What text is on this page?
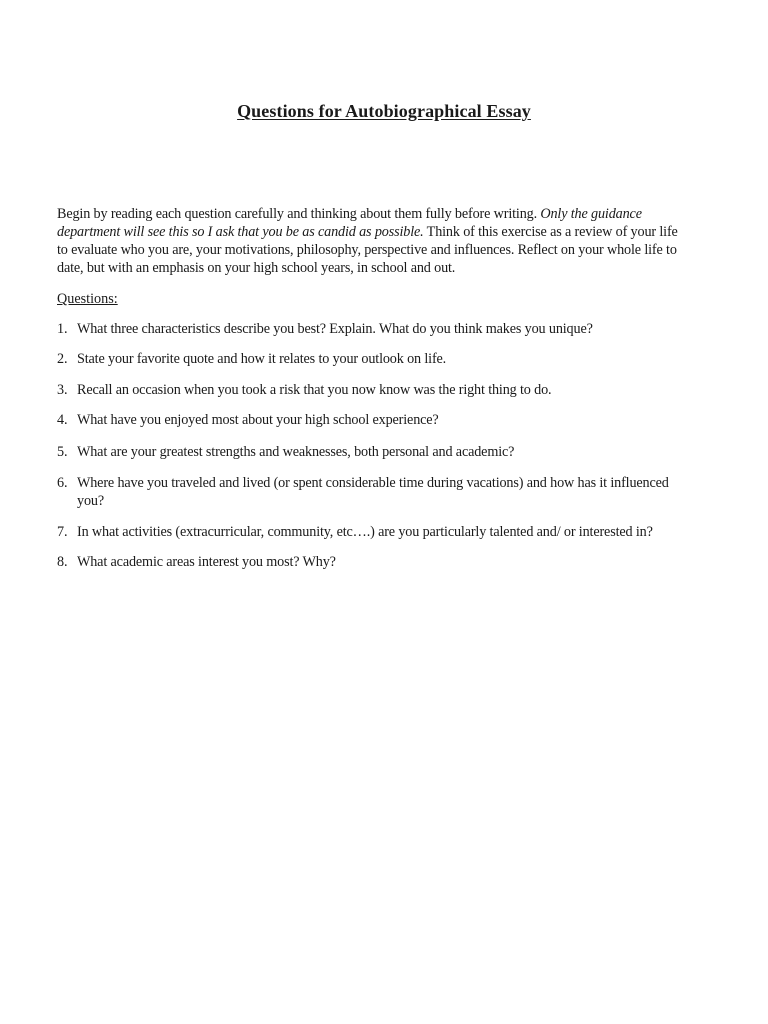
Questions for Autobiographical Essay
Begin by reading each question carefully and thinking about them fully before writing. Only the guidance department will see this so I ask that you be as candid as possible. Think of this exercise as a review of your life to evaluate who you are, your motivations, philosophy, perspective and influences. Reflect on your whole life to date, but with an emphasis on your high school years, in school and out.
Questions:
1. What three characteristics describe you best? Explain. What do you think makes you unique?
2. State your favorite quote and how it relates to your outlook on life.
3. Recall an occasion when you took a risk that you now know was the right thing to do.
4. What have you enjoyed most about your high school experience?
5. What are your greatest strengths and weaknesses, both personal and academic?
6. Where have you traveled and lived (or spent considerable time during vacations) and how has it influenced you?
7. In what activities (extracurricular, community, etc….) are you particularly talented and/ or interested in?
8. What academic areas interest you most? Why?
